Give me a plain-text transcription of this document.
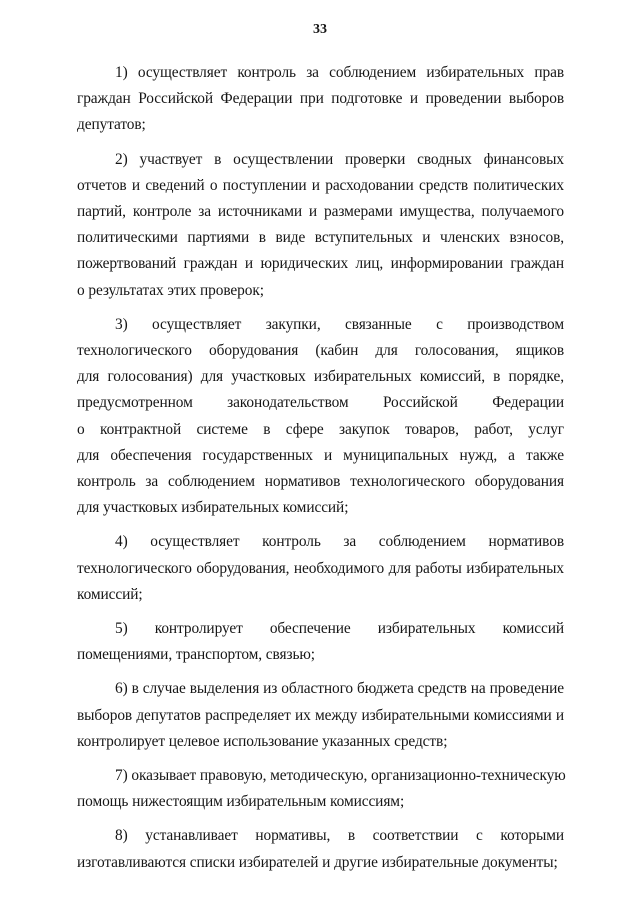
33
1) осуществляет контроль за соблюдением избирательных прав
граждан Российской Федерации при подготовке и проведении выборов
депутатов;
2) участвует в осуществлении проверки сводных финансовых
отчетов и сведений о поступлении и расходовании средств политических
партий, контроле за источниками и размерами имущества, получаемого
политическими партиями в виде вступительных и членских взносов,
пожертвований граждан и юридических лиц, информировании граждан
о результатах этих проверок;
3) осуществляет закупки, связанные с производством
технологического оборудования (кабин для голосования, ящиков
для голосования) для участковых избирательных комиссий, в порядке,
предусмотренном законодательством Российской Федерации
о контрактной системе в сфере закупок товаров, работ, услуг
для обеспечения государственных и муниципальных нужд, а также
контроль за соблюдением нормативов технологического оборудования
для участковых избирательных комиссий;
4) осуществляет контроль за соблюдением нормативов
технологического оборудования, необходимого для работы избирательных
комиссий;
5) контролирует обеспечение избирательных комиссий
помещениями, транспортом, связью;
6) в случае выделения из областного бюджета средств на проведение
выборов депутатов распределяет их между избирательными комиссиями и
контролирует целевое использование указанных средств;
7) оказывает правовую, методическую, организационно-техническую
помощь нижестоящим избирательным комиссиям;
8) устанавливает нормативы, в соответствии с которыми
изготавливаются списки избирателей и другие избирательные документы;
